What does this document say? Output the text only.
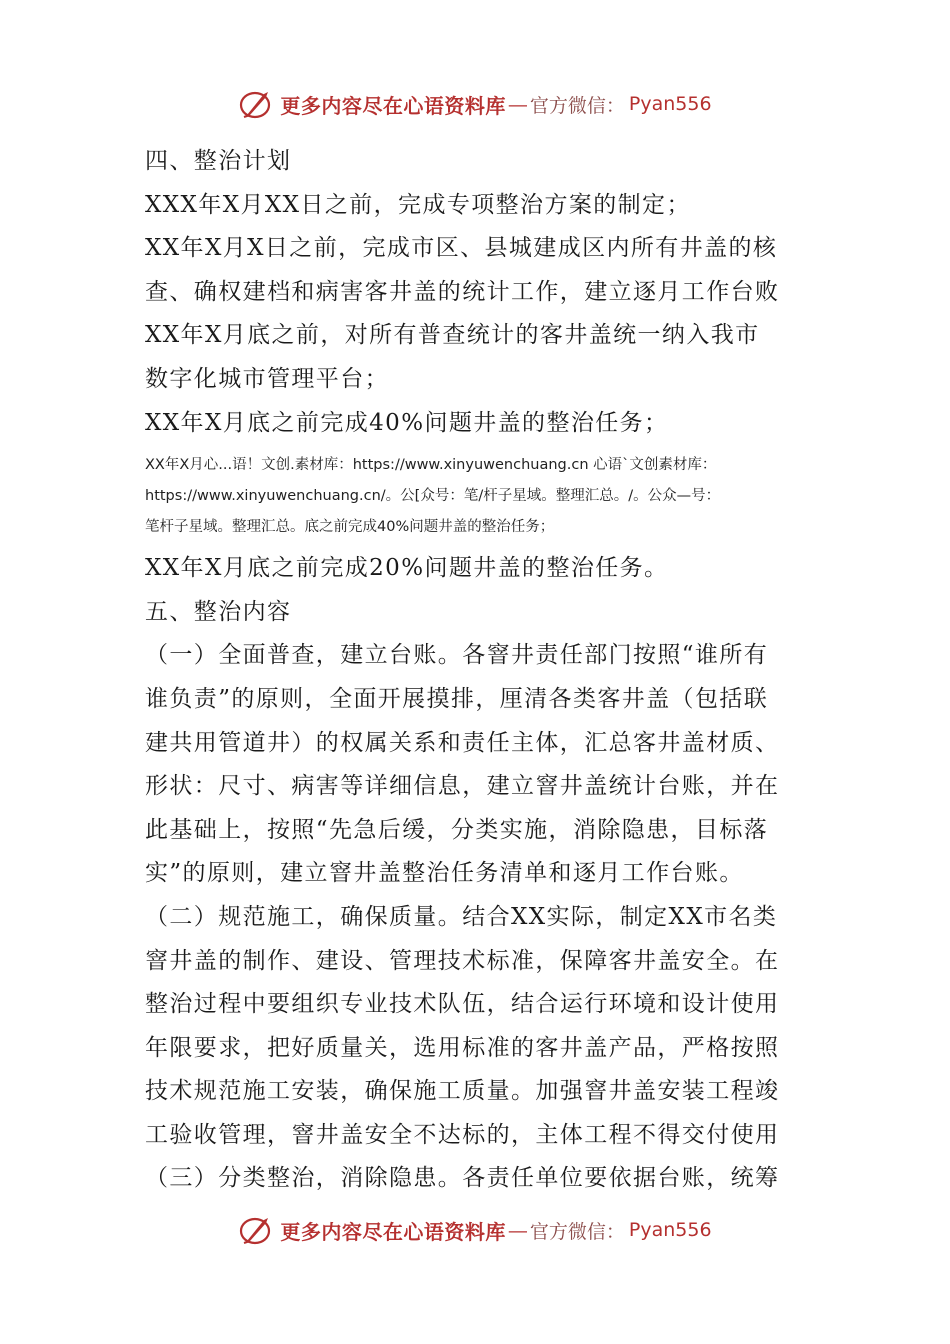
更多内容尽在心语资料库 — 官方微信： Pyan556
四、整治计划
XXX年X月XX日之前，完成专项整治方案的制定；
XX年X月X日之前，完成市区、县城建成区内所有井盖的核
查、确权建档和病害客井盖的统计工作，建立逐月工作台败
XX年X月底之前，对所有普查统计的客井盖统一纳入我市
数字化城市管理平台；
XX年X月底之前完成40%问题井盖的整治任务；
XX年X月心...语！文创.素材库：https://www.xinyuwenchuang.cn 心语`文创素材库：
https://www.xinyuwenchuang.cn/。公[众号：笔/杆子星域。整理汇总。/。公众—号：
笔杆子星域。整理汇总。底之前完成40%问题井盖的整治任务；
XX年X月底之前完成20%问题井盖的整治任务。
五、整治内容
（一）全面普查，建立台账。各窨井责任部门按照“谁所有
谁负责”的原则，全面开展摸排，厘清各类客井盖（包括联
建共用管道井）的权属关系和责任主体，汇总客井盖材质、
形状：尺寸、病害等详细信息，建立窨井盖统计台账，并在
此基础上，按照“先急后缓，分类实施，消除隐患，目标落
实”的原则，建立窨井盖整治任务清单和逐月工作台账。
（二）规范施工，确保质量。结合XX实际，制定XX市名类
窨井盖的制作、建设、管理技术标准，保障客井盖安全。在
整治过程中要组织专业技术队伍，结合运行环境和设计使用
年限要求，把好质量关，选用标准的客井盖产品，严格按照
技术规范施工安装，确保施工质量。加强窨井盖安装工程竣
工验收管理，窨井盖安全不达标的，主体工程不得交付使用
（三）分类整治，消除隐患。各责任单位要依据台账，统筹
更多内容尽在心语资料库 — 官方微信： Pyan556
